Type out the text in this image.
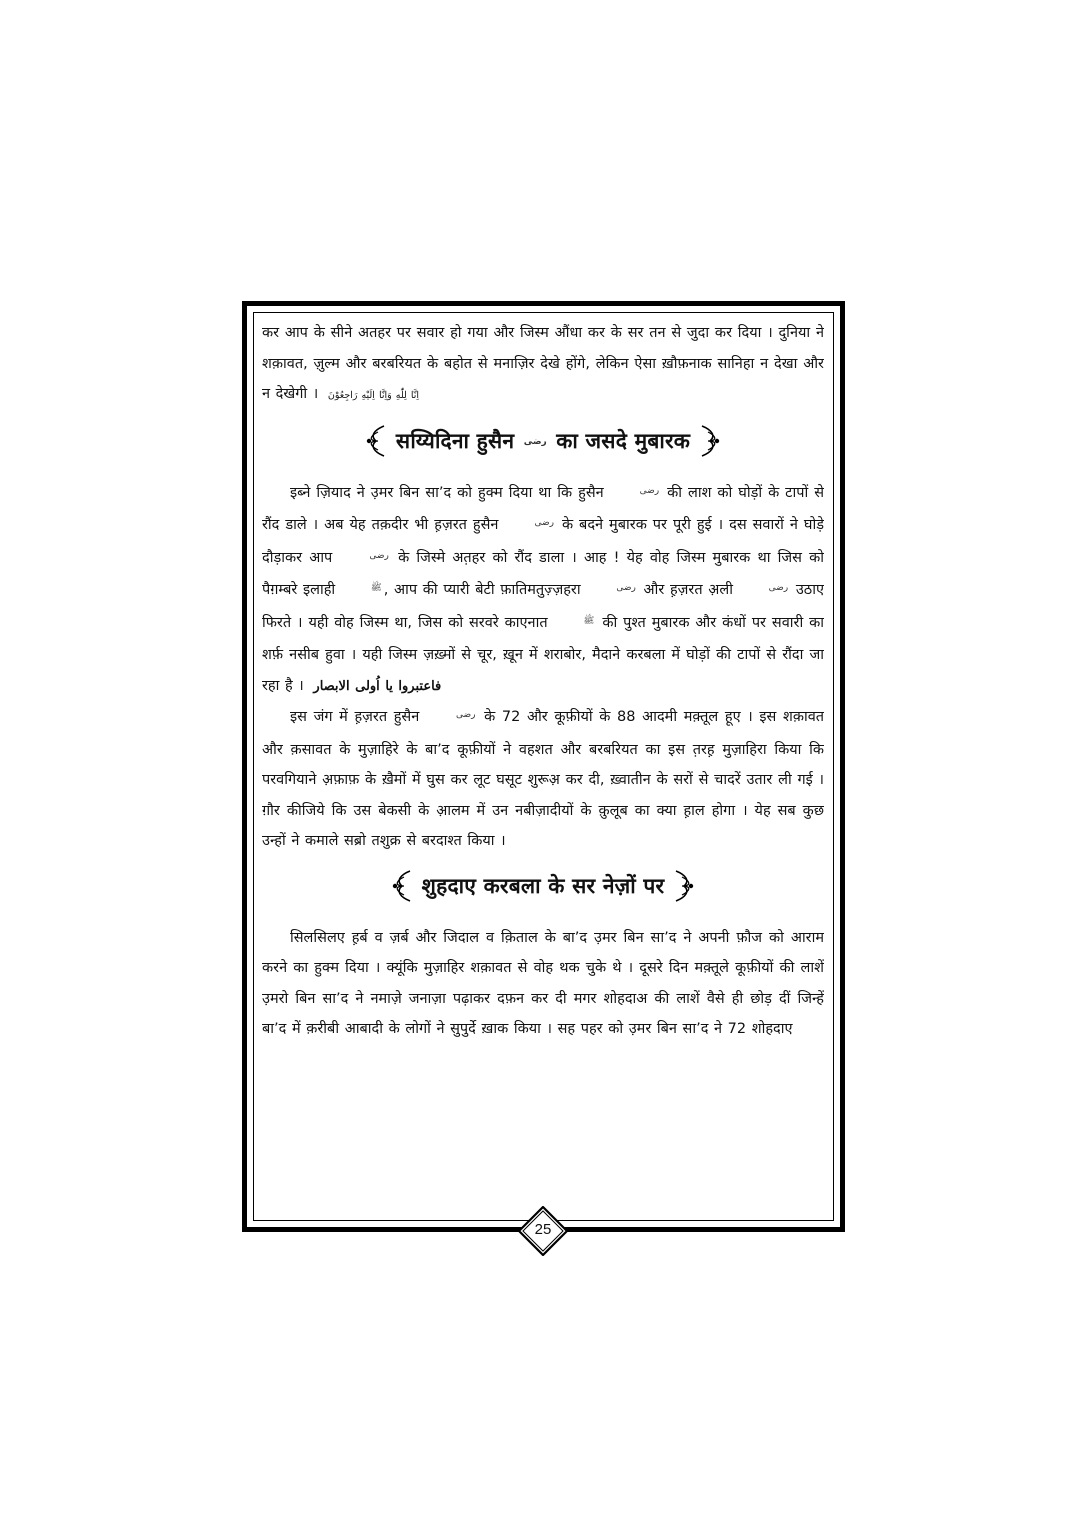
कर आप के सीने अतहर पर सवार हो गया और जिस्म औंधा कर के सर तन से जुदा कर दिया । दुनिया ने शक़ावत, ज़ुल्म और बरबरियत के बहोत से मनाज़िर देखे होंगे, लेकिन ऐसा ख़ौफ़नाक सानिहा न देखा और न देखेगी । اِنَّا لِلّٰهِ وَاِنَّا اِلَيْهِ رَاجِعُوْنَ

सय्यिदिना हुसैन رضی का जसदे मुबारक

इब्ने ज़ियाद ने उ़मर बिन सा’द को हुक्म दिया था कि हुसैन	رضی की लाश को घोड़ों के टापों से रौंद डाले । अब येह तक़दीर भी ह़ज़रत हुसैन	رضی के बदने मुबारक पर पूरी हुई । दस सवारों ने घोड़े दौड़ाकर आप	رضی के जिस्मे अत़हर को रौंद डाला । आह ! येह वोह जिस्म मुबारक था जिस को पैग़म्बरे इलाही	ﷺ , आप की प्यारी बेटी फ़ातिमतुज़्ज़हरा	رضی और ह़ज़रत अ़ली	رضی उठाए फिरते । यही वोह जिस्म था, जिस को सरवरे काएनात	ﷺ की पुश्त मुबारक और कंधों पर सवारी का शर्फ़ नसीब हुवा । यही जिस्म ज़ख़्मों से चूर, ख़ून में शराबोर, मैदाने करबला में घोड़ों की टापों से रौंदा जा रहा है । فاعتبروا يا اُولی الابصار

इस जंग में ह़ज़रत हुसैन	رضی के 72 और कूफ़ीयों के 88 आदमी मक़्तूल हूए । इस शक़ावत और क़सावत के मुज़ाहिरे के बा’द कूफ़ीयों ने वहशत और बरबरियत का इस त़रह़ मुज़ाहिरा किया कि परवगियाने अ़फ़ाफ़ के ख़ैमों में घुस कर लूट घसूट शुरूअ़ कर दी, ख़्वातीन के सरों से चादरें उतार ली गई । ग़ौर कीजिये कि उस बेकसी के आ़लम में उन नबीज़ादीयों के क़ुलूब का क्या ह़ाल होगा । येह सब कुछ उन्हों ने कमाले सब्रो तशुक्र से बरदाश्त किया ।

शुहदाए करबला के सर नेज़ों पर

सिलसिलए ह़र्ब व ज़र्ब और जिदाल व क़िताल के बा’द उ़मर बिन सा’द ने अपनी फ़ौज को आराम करने का हुक्म दिया । क्यूंकि मुज़ाहिर शक़ावत से वोह थक चुके थे । दूसरे दिन मक़्तूले कूफ़ीयों की लाशें उ़मरो बिन सा’द ने नमाज़े जनाज़ा पढ़ाकर दफ़न कर दी मगर शोहदाअ की लाशें वैसे ही छोड़ दीं जिन्हें बा’द में क़रीबी आबादी के लोगों ने सुपुर्दे ख़ाक किया । सह पहर को उ़मर बिन सा’द ने 72 शोहदाए

25
